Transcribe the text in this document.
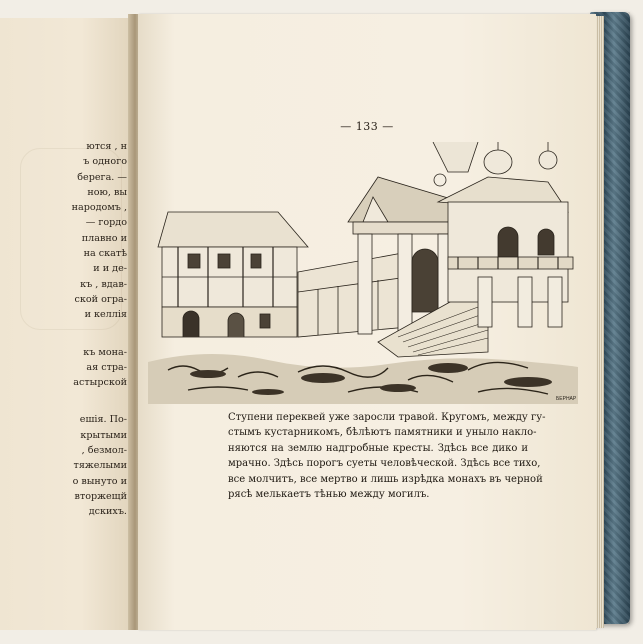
ются , н
ъ одного
берега. —
ною, вы
народомъ ,
— гордо
плавно и
на скатѣ
и и де-
къ , вдав-
ской огра-
и келлія
къ мона-
ая стра-
астырской
ешія. По-
крытыми
, безмол-
тяжелыми
о вынуто и
вторжещй
дскихъ.
— 133 —
БЕРНАР
Ступени переквей уже заросли травой. Кругомъ, между гу-
стымъ кустарникомъ, бѣлѣютъ памятники и уныло накло-
няются на землю надгробные кресты. Здѣсь все дико и
мрачно. Здѣсь порогъ суеты человѣческой. Здѣсь все тихо,
все молчитъ, все мертво и лишь изрѣдка монахъ въ черной
рясѣ мелькаетъ тѣнью между могилъ.
